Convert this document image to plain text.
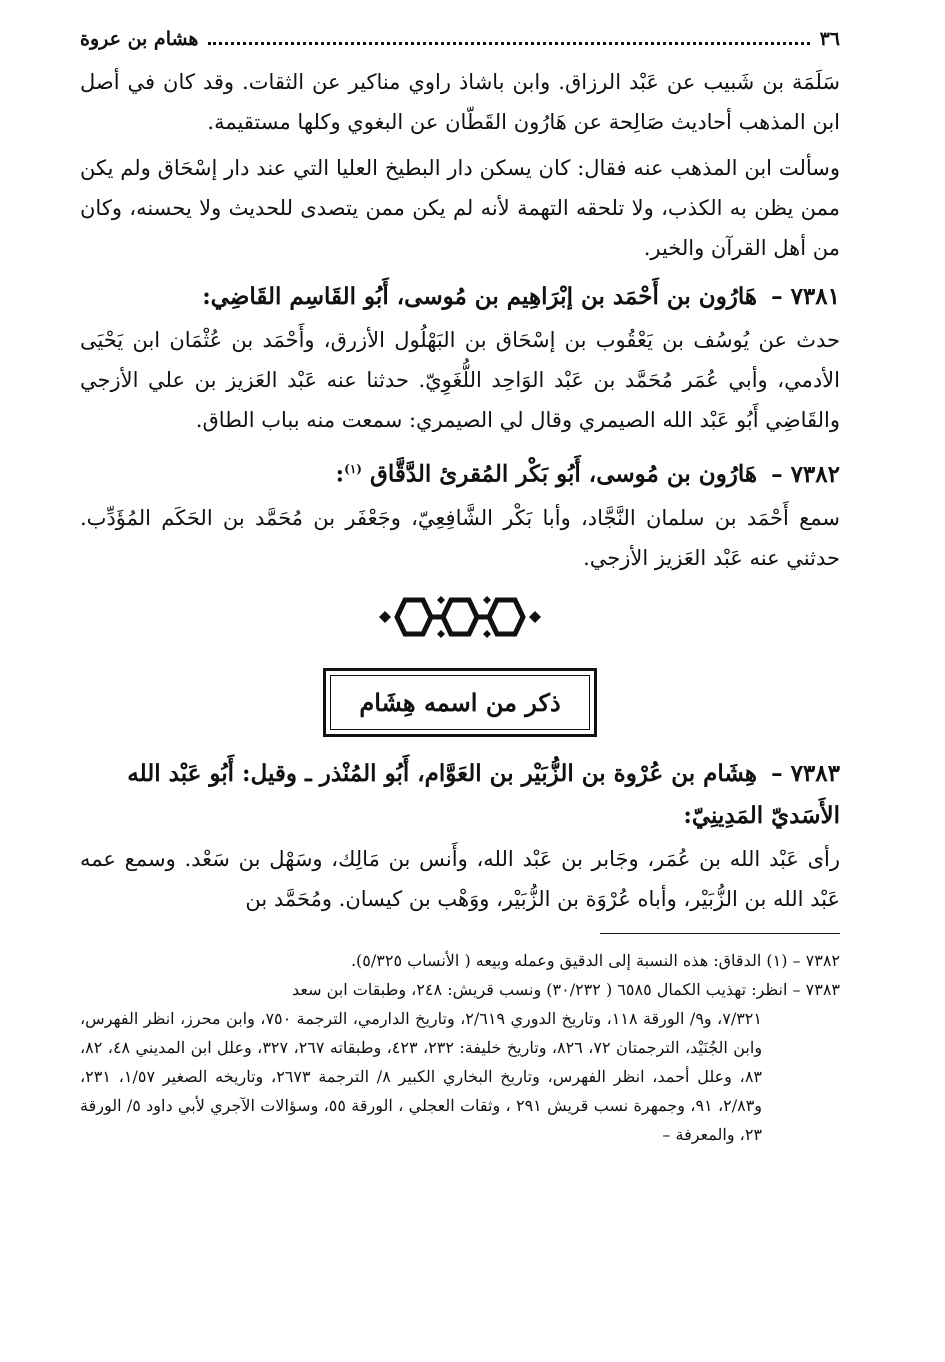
٣٦
هشام بن عروة

سَلَمَة بن شَبيب عن عَبْد الرزاق. وابن باشاذ راوي مناكير عن الثقات. وقد كان في أصل ابن المذهب أحاديث صَالِحة عن هَارُون القَطّان عن البغوي وكلها مستقيمة.

وسألت ابن المذهب عنه فقال: كان يسكن دار البطيخ العليا التي عند دار إسْحَاق ولم يكن ممن يظن به الكذب، ولا تلحقه التهمة لأنه لم يكن ممن يتصدى للحديث ولا يحسنه، وكان من أهل القرآن والخير.

٧٣٨١ – هَارُون بن أَحْمَد بن إبْرَاهِيم بن مُوسى، أَبُو القَاسِم القَاضِي:

حدث عن يُوسُف بن يَعْقُوب بن إسْحَاق بن البَهْلُول الأزرق، وأَحْمَد بن عُثْمَان ابن يَحْيَى الأدمي، وأبي عُمَر مُحَمَّد بن عَبْد الوَاحِد اللُّغَوِيّ. حدثنا عنه عَبْد العَزيز بن علي الأزجي والقَاضِي أَبُو عَبْد الله الصيمري وقال لي الصيمري: سمعت منه بباب الطاق.

٧٣٨٢ – هَارُون بن مُوسى، أَبُو بَكْر المُقرئ الدَّقَّاق $^{(١)}$:

سمع أَحْمَد بن سلمان النَّجَّاد، وأبا بَكْر الشَّافِعِيّ، وجَعْفَر بن مُحَمَّد بن الحَكَم المُؤَدِّب. حدثني عنه عَبْد العَزيز الأزجي.

ذكر من اسمه هِشَام
٧٣٨٣ – هِشَام بن عُرْوة بن الزُّبَيْر بن العَوَّام، أَبُو المُنْذر ـ وقيل: أَبُو عَبْد الله الأَسَديّ المَدِينِيّ:

رأى عَبْد الله بن عُمَر، وجَابر بن عَبْد الله، وأَنس بن مَالِك، وسَهْل بن سَعْد. وسمع عمه عَبْد الله بن الزُّبَيْر، وأباه عُرْوَة بن الزُّبَيْر، ووَهْب بن كيسان. ومُحَمَّد بن

٧٣٨٢ – (١) الدقاق: هذه النسبة إلى الدقيق وعمله وبيعه ( الأنساب ٥/٣٢٥).

٧٣٨٣ – انظر: تهذيب الكمال ٦٥٨٥ ( ٣٠/٢٣٢) ونسب قريش: ٢٤٨، وطبقات ابن سعد

٧/٣٢١، و٩/ الورقة ١١٨، وتاريخ الدوري ٢/٦١٩، وتاريخ الدارمي، الترجمة ٧٥٠، وابن محرز، انظر الفهرس، وابن الجُنَيْد، الترجمتان ٧٢، ٨٢٦، وتاريخ خليفة: ٢٣٢، ٤٢٣، وطبقاته ٢٦٧، ٣٢٧، وعلل ابن المديني ٤٨، ٨٢، ٨٣، وعلل أحمد، انظر الفهرس، وتاريخ البخاري الكبير ٨/ الترجمة ٢٦٧٣، وتاريخه الصغير ١/٥٧، ٢٣١، و٢/٨٣، ٩١، وجمهرة نسب قريش ٢٩١ ، وثقات العجلي ، الورقة ٥٥، وسؤالات الآجري لأبي داود ٥/ الورقة ٢٣، والمعرفة –
